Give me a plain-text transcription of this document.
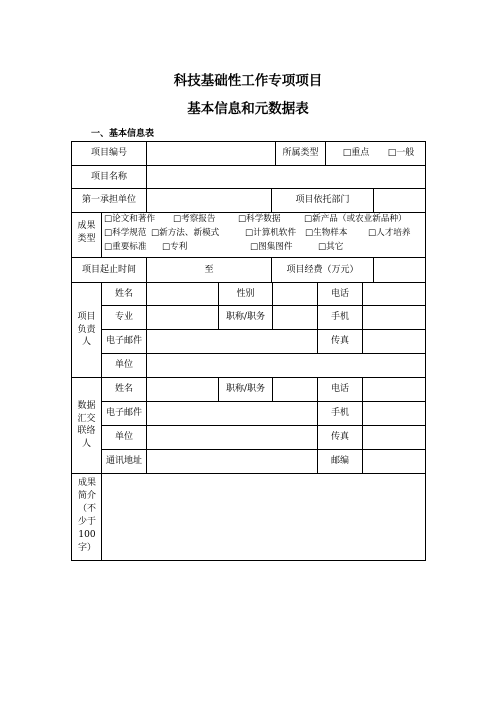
科技基础性工作专项项目
基本信息和元数据表
一、基本信息表
项目编号	所属类型	□重点	□一般
项目名称
第一承担单位	项目依托部门
成果
类型
□论文和著作 □考察报告	□科学数据	□新产品（或农业新品种）
□科学规范 □新方法、新模式	□计算机软件 □生物样本 □人才培养
□重要标准 □专利	□图集图件	□其它
项目起止时间	至	项目经费（万元）
项目
负责
人
姓名	性别	电话
专业	职称/职务	手机
电子邮件	传真
单位
数据
汇交
联络
人
姓名	职称/职务	电话
电子邮件	手机
单位	传真
通讯地址	邮编
成果
简介
（不
少于
100
字）
